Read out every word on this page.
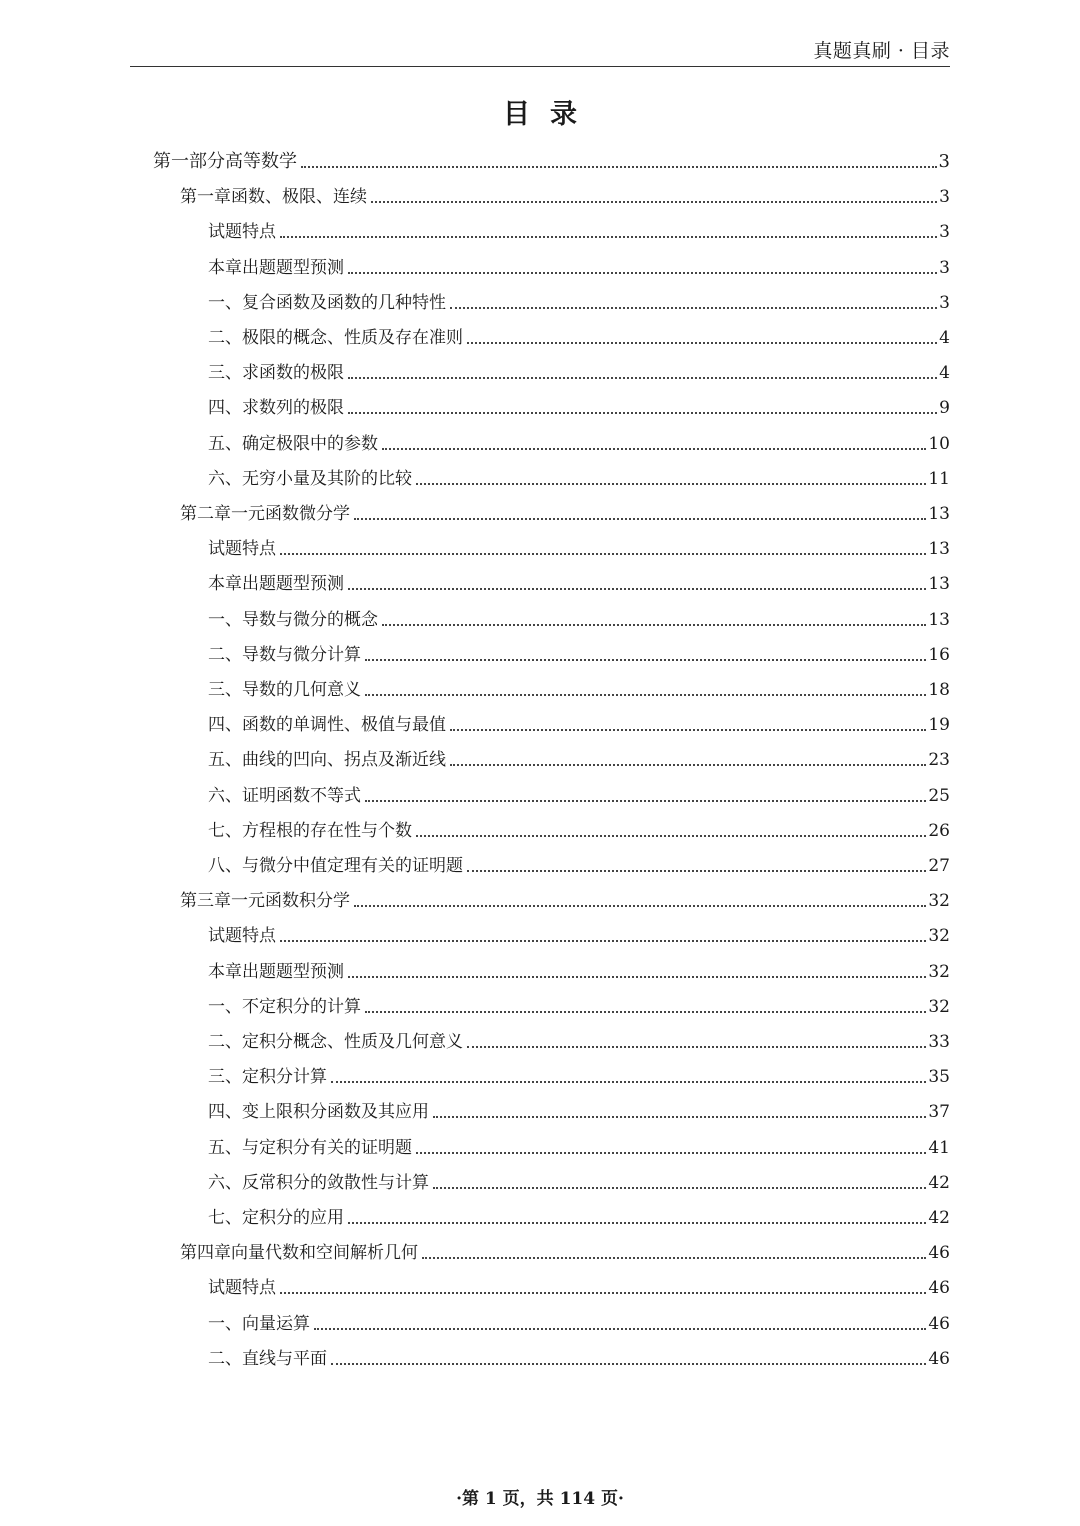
真题真刷 · 目录
目录
第一部分高等数学	3
第一章函数、极限、连续	3
试题特点	3
本章出题题型预测	3
一、复合函数及函数的几种特性	3
二、极限的概念、性质及存在准则	4
三、求函数的极限	4
四、求数列的极限	9
五、确定极限中的参数	10
六、无穷小量及其阶的比较	11
第二章一元函数微分学	13
试题特点	13
本章出题题型预测	13
一、导数与微分的概念	13
二、导数与微分计算	16
三、导数的几何意义	18
四、函数的单调性、极值与最值	19
五、曲线的凹向、拐点及渐近线	23
六、证明函数不等式	25
七、方程根的存在性与个数	26
八、与微分中值定理有关的证明题	27
第三章一元函数积分学	32
试题特点	32
本章出题题型预测	32
一、不定积分的计算	32
二、定积分概念、性质及几何意义	33
三、定积分计算	35
四、变上限积分函数及其应用	37
五、与定积分有关的证明题	41
六、反常积分的敛散性与计算	42
七、定积分的应用	42
第四章向量代数和空间解析几何	46
试题特点	46
一、向量运算	46
二、直线与平面	46
·第 1 页，共 114 页·
